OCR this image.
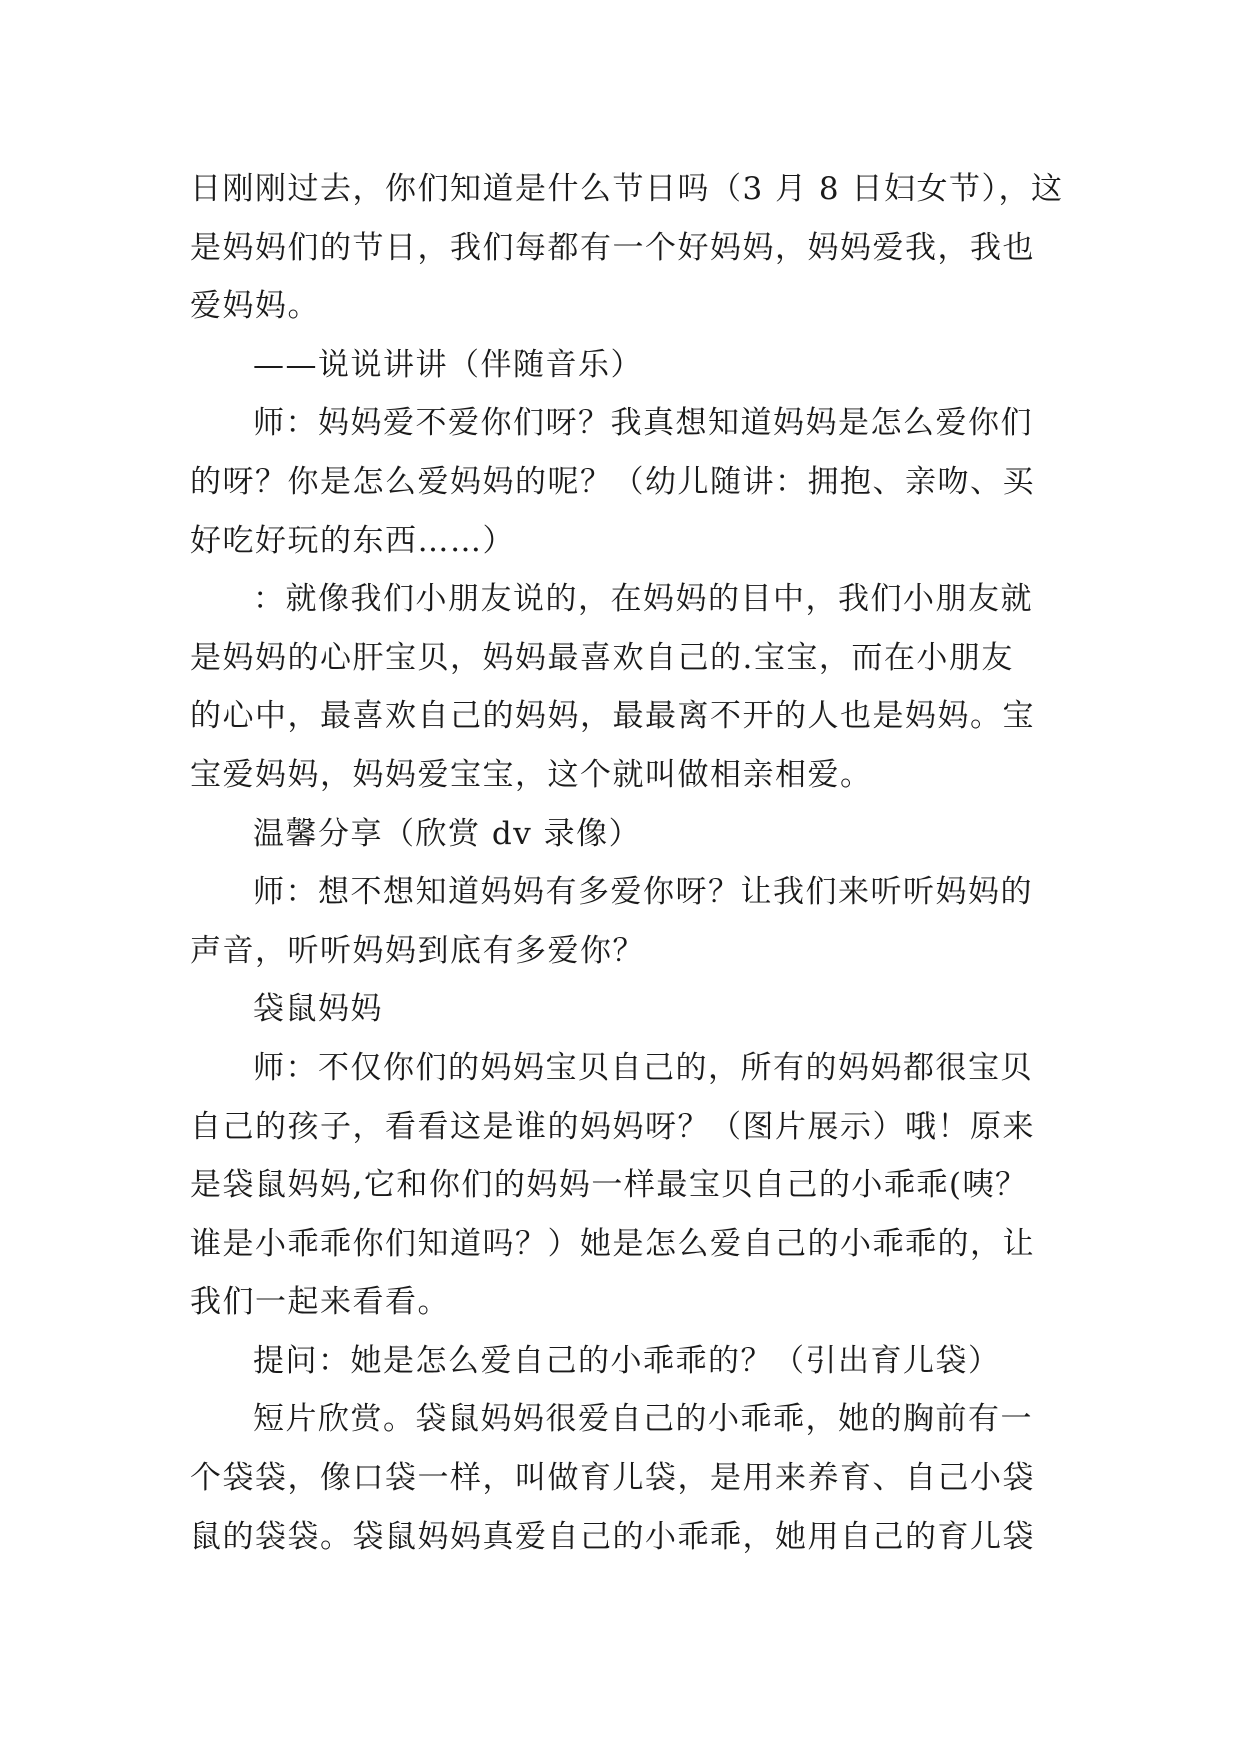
日刚刚过去，你们知道是什么节日吗（3 月 8 日妇女节），这
是妈妈们的节日，我们每都有一个好妈妈，妈妈爱我，我也
爱妈妈。
——说说讲讲（伴随音乐）
师：妈妈爱不爱你们呀？我真想知道妈妈是怎么爱你们
的呀？你是怎么爱妈妈的呢？（幼儿随讲：拥抱、亲吻、买
好吃好玩的东西……）
：就像我们小朋友说的，在妈妈的目中，我们小朋友就
是妈妈的心肝宝贝，妈妈最喜欢自己的.宝宝，而在小朋友
的心中，最喜欢自己的妈妈，最最离不开的人也是妈妈。宝
宝爱妈妈，妈妈爱宝宝，这个就叫做相亲相爱。
温馨分享（欣赏 dv 录像）
师：想不想知道妈妈有多爱你呀？让我们来听听妈妈的
声音，听听妈妈到底有多爱你？
袋鼠妈妈
师：不仅你们的妈妈宝贝自己的，所有的妈妈都很宝贝
自己的孩子，看看这是谁的妈妈呀？（图片展示）哦！原来
是袋鼠妈妈,它和你们的妈妈一样最宝贝自己的小乖乖(咦？
谁是小乖乖你们知道吗？）她是怎么爱自己的小乖乖的，让
我们一起来看看。
提问：她是怎么爱自己的小乖乖的？（引出育儿袋）
短片欣赏。袋鼠妈妈很爱自己的小乖乖，她的胸前有一
个袋袋，像口袋一样，叫做育儿袋，是用来养育、自己小袋
鼠的袋袋。袋鼠妈妈真爱自己的小乖乖，她用自己的育儿袋
